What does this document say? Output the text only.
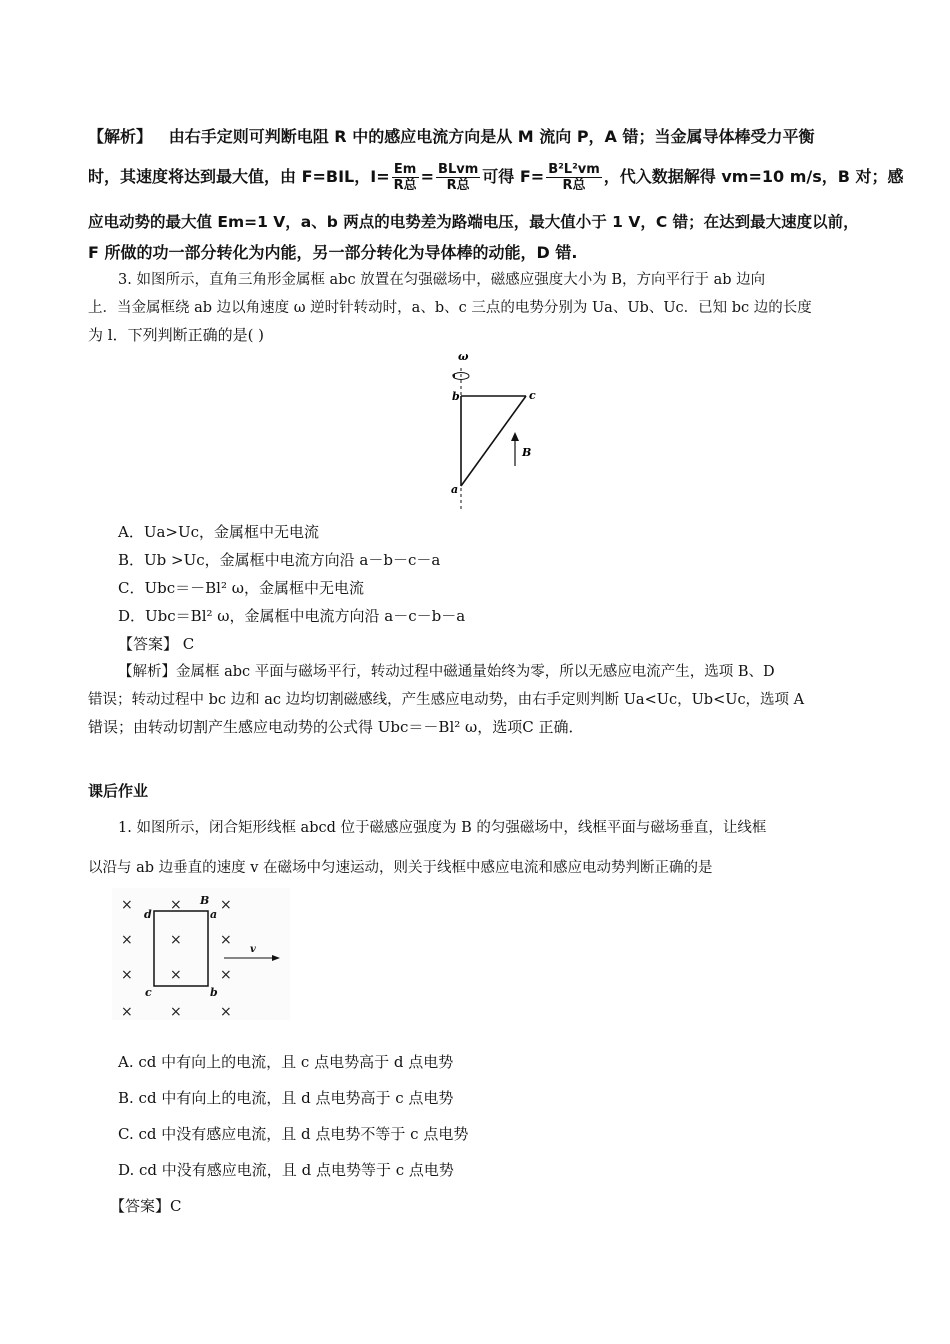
【解析】 由右手定则可判断电阻 R 中的感应电流方向是从 M 流向 P，A 错；当金属导体棒受力平衡
时，其速度将达到最大值，由 F=BIL，$I= \frac{Em}{\text{R总}} = \frac{\text{BLvm}}{\text{R总}}$ 可得 $F= \frac{\text{B²L²vm}}{\text{R总}}$ ，代入数据解得 vm=10 m/s，B 对；感
应电动势的最大值 Em=1 V，a、b 两点的电势差为路端电压，最大值小于 1 V，C 错；在达到最大速度以前，
F 所做的功一部分转化为内能，另一部分转化为导体棒的动能，D 错.
3. 如图所示，直角三角形金属框 abc 放置在匀强磁场中，磁感应强度大小为 B，方向平行于 ab 边向
上．当金属框绕 ab 边以角速度 ω 逆时针转动时，a、b、c 三点的电势分别为 Ua、Ub、Uc．已知 bc 边的长度
为 l．下列判断正确的是( )
ω
b	c
a
B
A．Ua>Uc，金属框中无电流
B．Ub >Uc，金属框中电流方向沿 a－b－c－a
C．Ubc＝－Bl² ω，金属框中无电流
D．Ubc＝Bl² ω，金属框中电流方向沿 a－c－b－a
【答案】 C
【解析】金属框 abc 平面与磁场平行，转动过程中磁通量始终为零，所以无感应电流产生，选项 B、D
错误；转动过程中 bc 边和 ac 边均切割磁感线，产生感应电动势，由右手定则判断 Ua<Uc，Ub<Uc，选项 A
错误；由转动切割产生感应电动势的公式得 Ubc＝－Bl² ω，选项C 正确．
课后作业
1. 如图所示，闭合矩形线框 abcd 位于磁感应强度为 B 的匀强磁场中，线框平面与磁场垂直，让线框
以沿与 ab 边垂直的速度 v 在磁场中匀速运动，则关于线框中感应电流和感应电动势判断正确的是
×	×	×
×	×	×
×	×	×
×	×	×
d	a
B
c	b
v
A. cd 中有向上的电流，且 c 点电势高于 d 点电势
B. cd 中有向上的电流，且 d 点电势高于 c 点电势
C. cd 中没有感应电流，且 d 点电势不等于 c 点电势
D. cd 中没有感应电流，且 d 点电势等于 c 点电势
【答案】C
